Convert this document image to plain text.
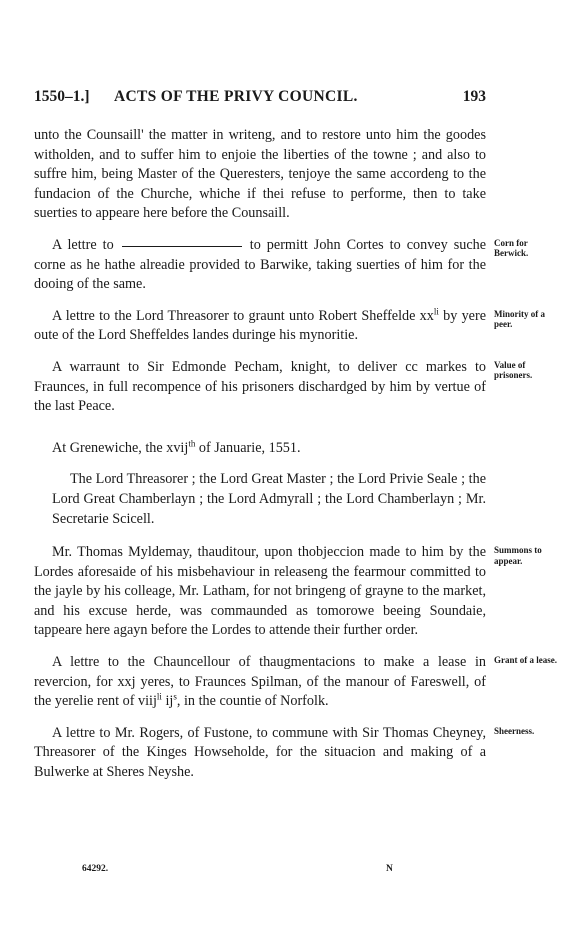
1550–1.] ACTS OF THE PRIVY COUNCIL.	193

unto the Counsaill' the matter in writeng, and to restore unto him the goodes witholden, and to suffer him to enjoie the liberties of the towne ; and also to suffre him, being Master of the Queresters, tenjoye the same accordeng to the fundacion of the Churche, whiche if thei refuse to performe, then to take suerties to appeare here before the Counsaill.

A lettre to	to permitt John Cortes to convey suche corne as he hathe alreadie provided to Barwike, taking suerties of him for the dooing of the same.
Corn for Berwick.

A lettre to the Lord Threasorer to graunt unto Robert Sheffelde $xx^{li}$ by yere oute of the Lord Sheffeldes landes duringe his mynoritie.
Minority of a peer.

A warraunt to Sir Edmonde Pecham, knight, to deliver cc markes to Fraunces, in full recompence of his prisoners dischardged by him by vertue of the last Peace.
Value of prisoners.

At Grenewiche, the xvij$^{th}$ of Januarie, 1551.

The Lord Threasorer ; the Lord Great Master ; the Lord Privie Seale ; the Lord Great Chamberlayn ; the Lord Admyrall ; the Lord Chamberlayn ; Mr. Secretarie Scicell.

Mr. Thomas Myldemay, thauditour, upon thobjeccion made to him by the Lordes aforesaide of his misbehaviour in releaseng the fearmour committed to the jayle by his colleage, Mr. Latham, for not bringeng of grayne to the market, and his excuse herde, was commaunded as tomorowe beeing Soundaie, tappeare here agayn before the Lordes to attende their further order.
Summons to appear.

A lettre to the Chauncellour of thaugmentacions to make a lease in revercion, for xxj yeres, to Fraunces Spilman, of the manour of Fareswell, of the yerelie rent of viij$^{li}$ $ij^s$, in the countie of Norfolk.
Grant of a lease.

A lettre to Mr. Rogers, of Fustone, to commune with Sir Thomas Cheyney, Threasorer of the Kinges Howseholde, for the situacion and making of a Bulwerke at Sheres Neyshe.
Sheerness.

64292.	N
